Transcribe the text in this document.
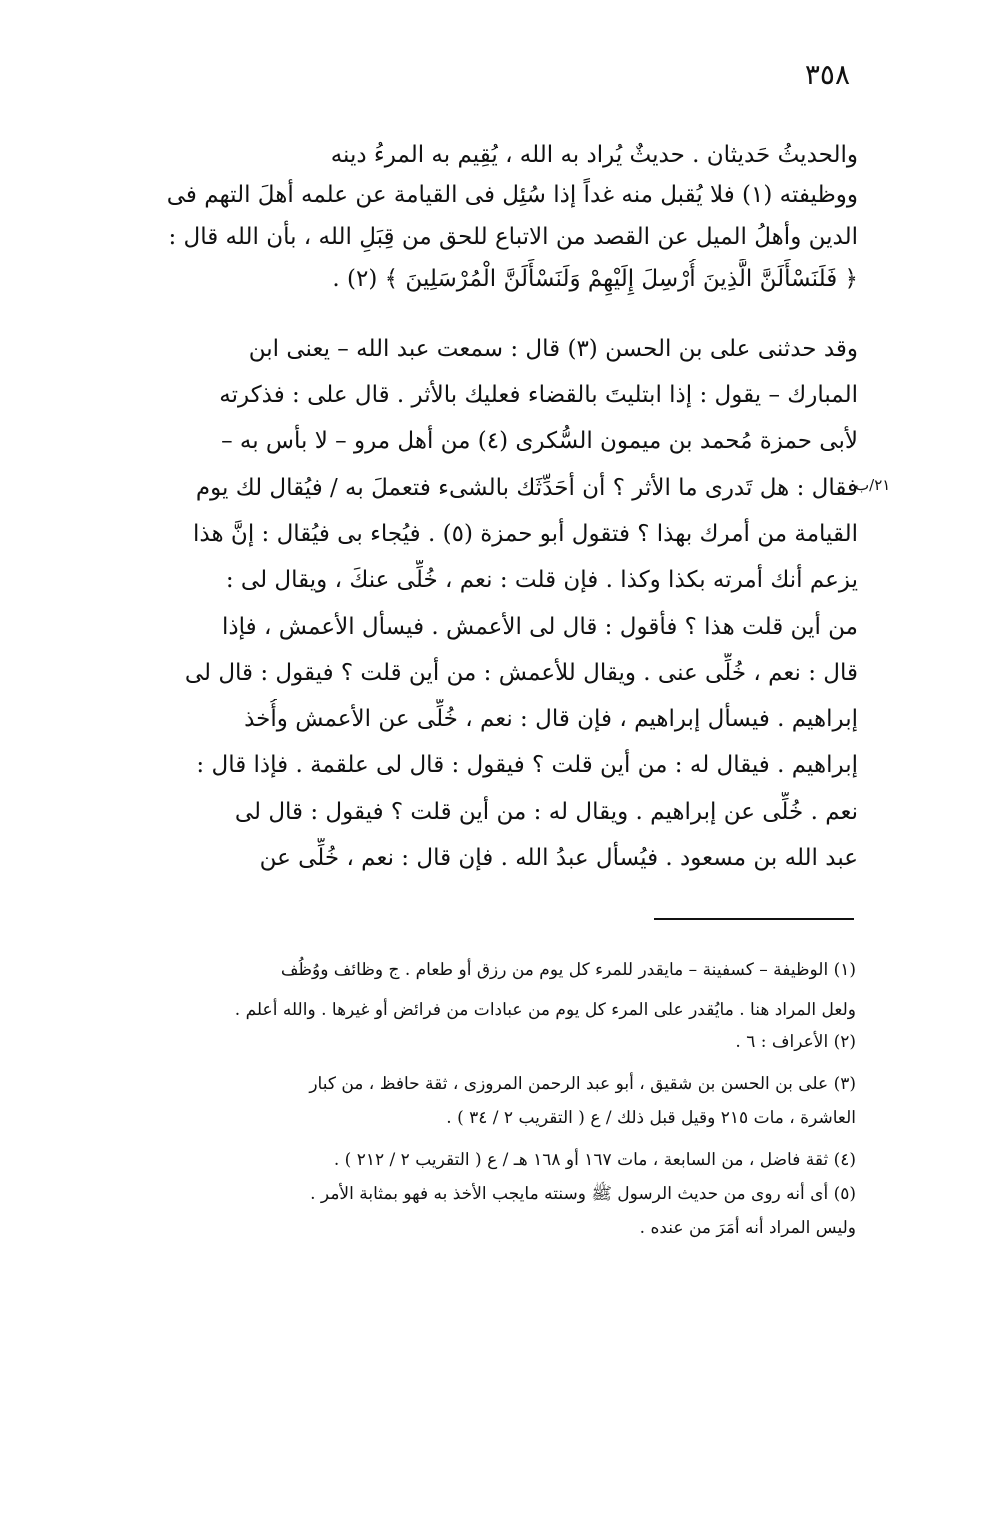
٣٥٨
٢١/ب
والحديثُ حَديثان . حديثٌ يُراد به الله ، يُقِيم به المرءُ دينه
ووظيفته (١) فلا يُقبل منه غداً إذا سُئِل فى القيامة عن علمه أهلَ التهم فى
الدين وأهلُ الميل عن القصد من الاتباع للحق من قِبَلِ الله ، بأن الله قال :
﴿ فَلَنَسْأَلَنَّ الَّذِينَ أُرْسِلَ إِلَيْهِمْ وَلَنَسْأَلَنَّ الْمُرْسَلِينَ ﴾ (٢) .
وقد حدثنى على بن الحسن (٣) قال : سمعت عبد الله – يعنى ابن
المبارك – يقول : إذا ابتليتَ بالقضاء فعليك بالأثر . قال على : فذكرته
لأبى حمزة مُحمد بن ميمون السُّكرى (٤) من أهل مرو – لا بأس به –
فقال : هل تَدرى ما الأثر ؟ أن أحَدِّثَك بالشىء فتعملَ به / فيُقال لك يوم
القيامة من أمرك بهذا ؟ فتقول أبو حمزة (٥) . فيُجاء بى فيُقال : إنَّ هذا
يزعم أنك أمرته بكذا وكذا . فإن قلت : نعم ، خُلِّى عنكَ ، ويقال لى :
من أين قلت هذا ؟ فأقول : قال لى الأعمش . فيسأل الأعمش ، فإذا
قال : نعم ، خُلِّى عنى . ويقال للأعمش : من أين قلت ؟ فيقول : قال لى
إبراهيم . فيسأل إبراهيم ، فإن قال : نعم ، خُلِّى عن الأعمش وأُخذ
إبراهيم . فيقال له : من أين قلت ؟ فيقول : قال لى علقمة . فإذا قال :
نعم . خُلِّى عن إبراهيم . ويقال له : من أين قلت ؟ فيقول : قال لى
عبد الله بن مسعود . فيُسأل عبدُ الله . فإن قال : نعم ، خُلِّى عن
(١) الوظيفة – كسفينة – مايقدر للمرء كل يوم من رزق أو طعام . ج وظائف ووُظُف
ولعل المراد هنا . مايُقدر على المرء كل يوم من عبادات من فرائض أو غيرها . والله أعلم .
(٢) الأعراف : ٦ .
(٣) على بن الحسن بن شقيق ، أبو عبد الرحمن المروزى ، ثقة حافظ ، من كبار
العاشرة ، مات ٢١٥ وقيل قبل ذلك / ع ( التقريب ٢ / ٣٤ ) .
(٤) ثقة فاضل ، من السابعة ، مات ١٦٧ أو ١٦٨ هـ / ع ( التقريب ٢ / ٢١٢ ) .
(٥) أى أنه روى من حديث الرسول ﷺ وسنته مايجب الأخذ به فهو بمثابة الأمر .
وليس المراد أنه أمَرَ من عنده .
